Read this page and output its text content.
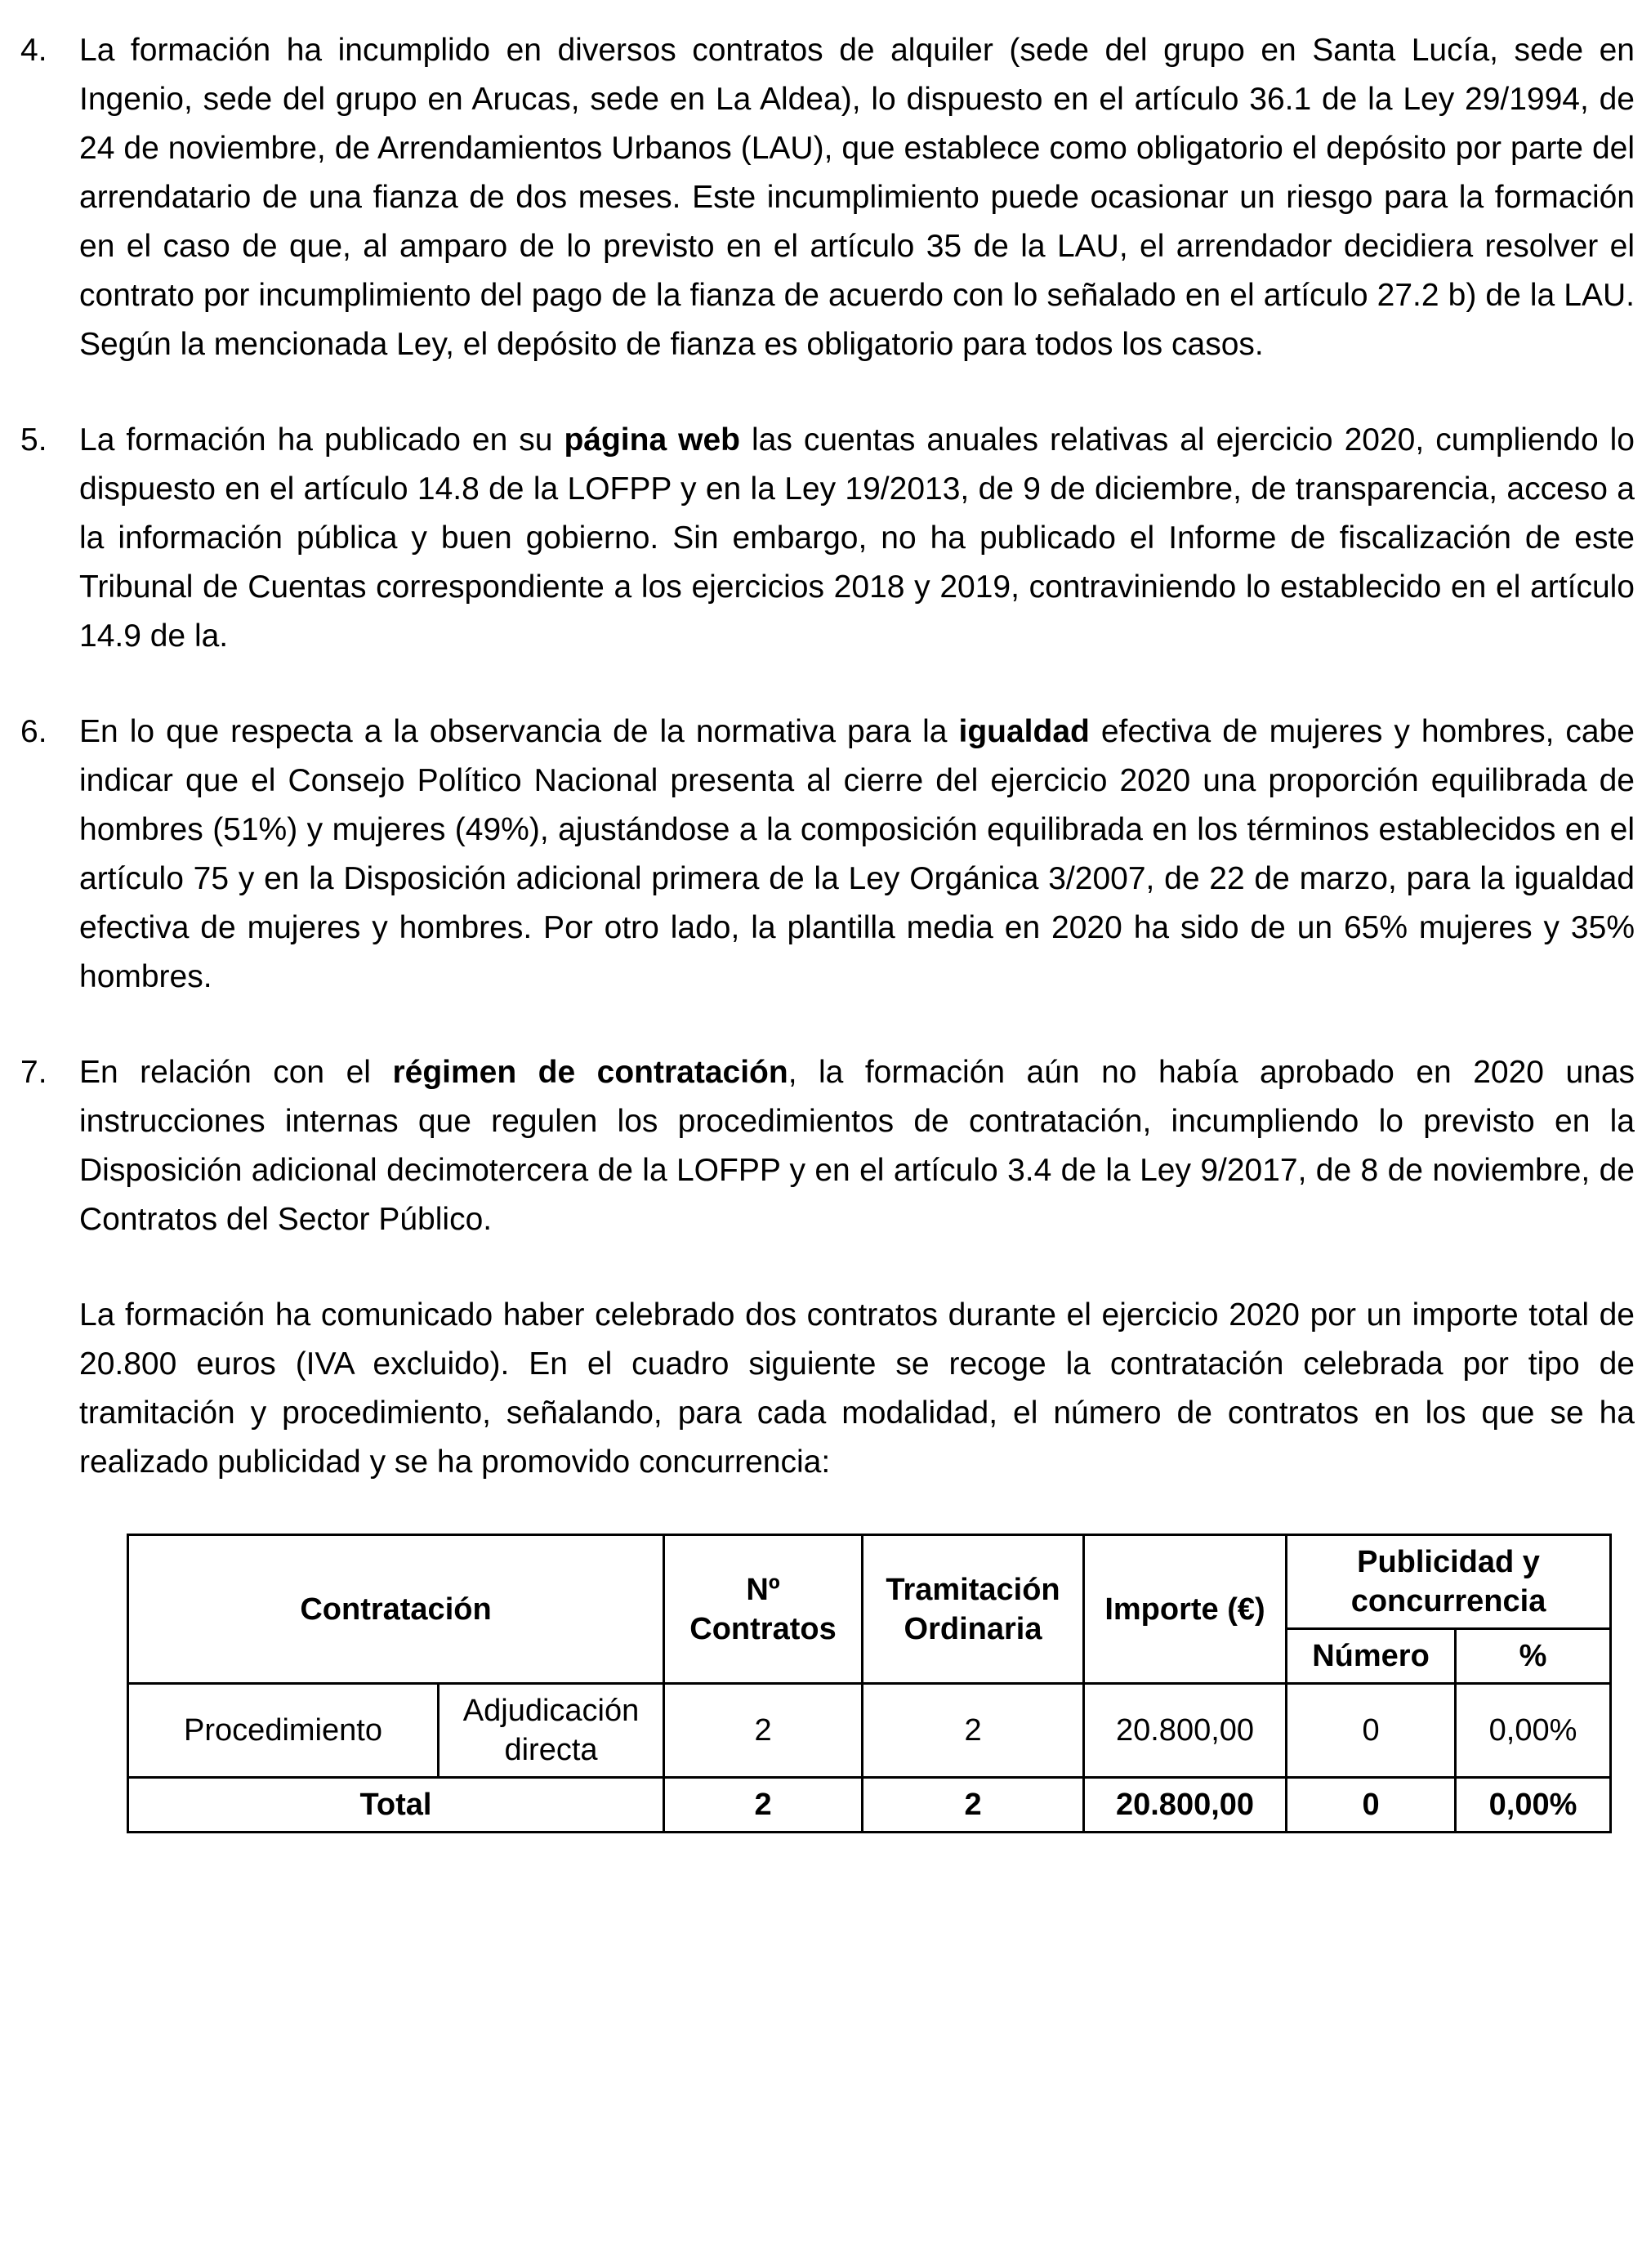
4.	La formación ha incumplido en diversos contratos de alquiler (sede del grupo en Santa Lucía, sede en Ingenio, sede del grupo en Arucas, sede en La Aldea), lo dispuesto en el artículo 36.1 de la Ley 29/1994, de 24 de noviembre, de Arrendamientos Urbanos (LAU), que establece como obligatorio el depósito por parte del arrendatario de una fianza de dos meses. Este incumplimiento puede ocasionar un riesgo para la formación en el caso de que, al amparo de lo previsto en el artículo 35 de la LAU, el arrendador decidiera resolver el contrato por incumplimiento del pago de la fianza de acuerdo con lo señalado en el artículo 27.2 b) de la LAU. Según la mencionada Ley, el depósito de fianza es obligatorio para todos los casos.
5.	La formación ha publicado en su página web las cuentas anuales relativas al ejercicio 2020, cumpliendo lo dispuesto en el artículo 14.8 de la LOFPP y en la Ley 19/2013, de 9 de diciembre, de transparencia, acceso a la información pública y buen gobierno. Sin embargo, no ha publicado el Informe de fiscalización de este Tribunal de Cuentas correspondiente a los ejercicios 2018 y 2019, contraviniendo lo establecido en el artículo 14.9 de la.
6.	En lo que respecta a la observancia de la normativa para la igualdad efectiva de mujeres y hombres, cabe indicar que el Consejo Político Nacional presenta al cierre del ejercicio 2020 una proporción equilibrada de hombres (51%) y mujeres (49%), ajustándose a la composición equilibrada en los términos establecidos en el artículo 75 y en la Disposición adicional primera de la Ley Orgánica 3/2007, de 22 de marzo, para la igualdad efectiva de mujeres y hombres. Por otro lado, la plantilla media en 2020 ha sido de un 65% mujeres y 35% hombres.
7.	En relación con el régimen de contratación, la formación aún no había aprobado en 2020 unas instrucciones internas que regulen los procedimientos de contratación, incumpliendo lo previsto en la Disposición adicional decimotercera de la LOFPP y en el artículo 3.4 de la Ley 9/2017, de 8 de noviembre, de Contratos del Sector Público.
La formación ha comunicado haber celebrado dos contratos durante el ejercicio 2020 por un importe total de 20.800 euros (IVA excluido). En el cuadro siguiente se recoge la contratación celebrada por tipo de tramitación y procedimiento, señalando, para cada modalidad, el número de contratos en los que se ha realizado publicidad y se ha promovido concurrencia:
Contratación		Nº Contratos	Tramitación Ordinaria	Importe (€)	Publicidad y concurrencia	
					Número	%
Procedimiento	Adjudicación directa	2	2	20.800,00	0	0,00%
Total		2	2	20.800,00	0	0,00%
